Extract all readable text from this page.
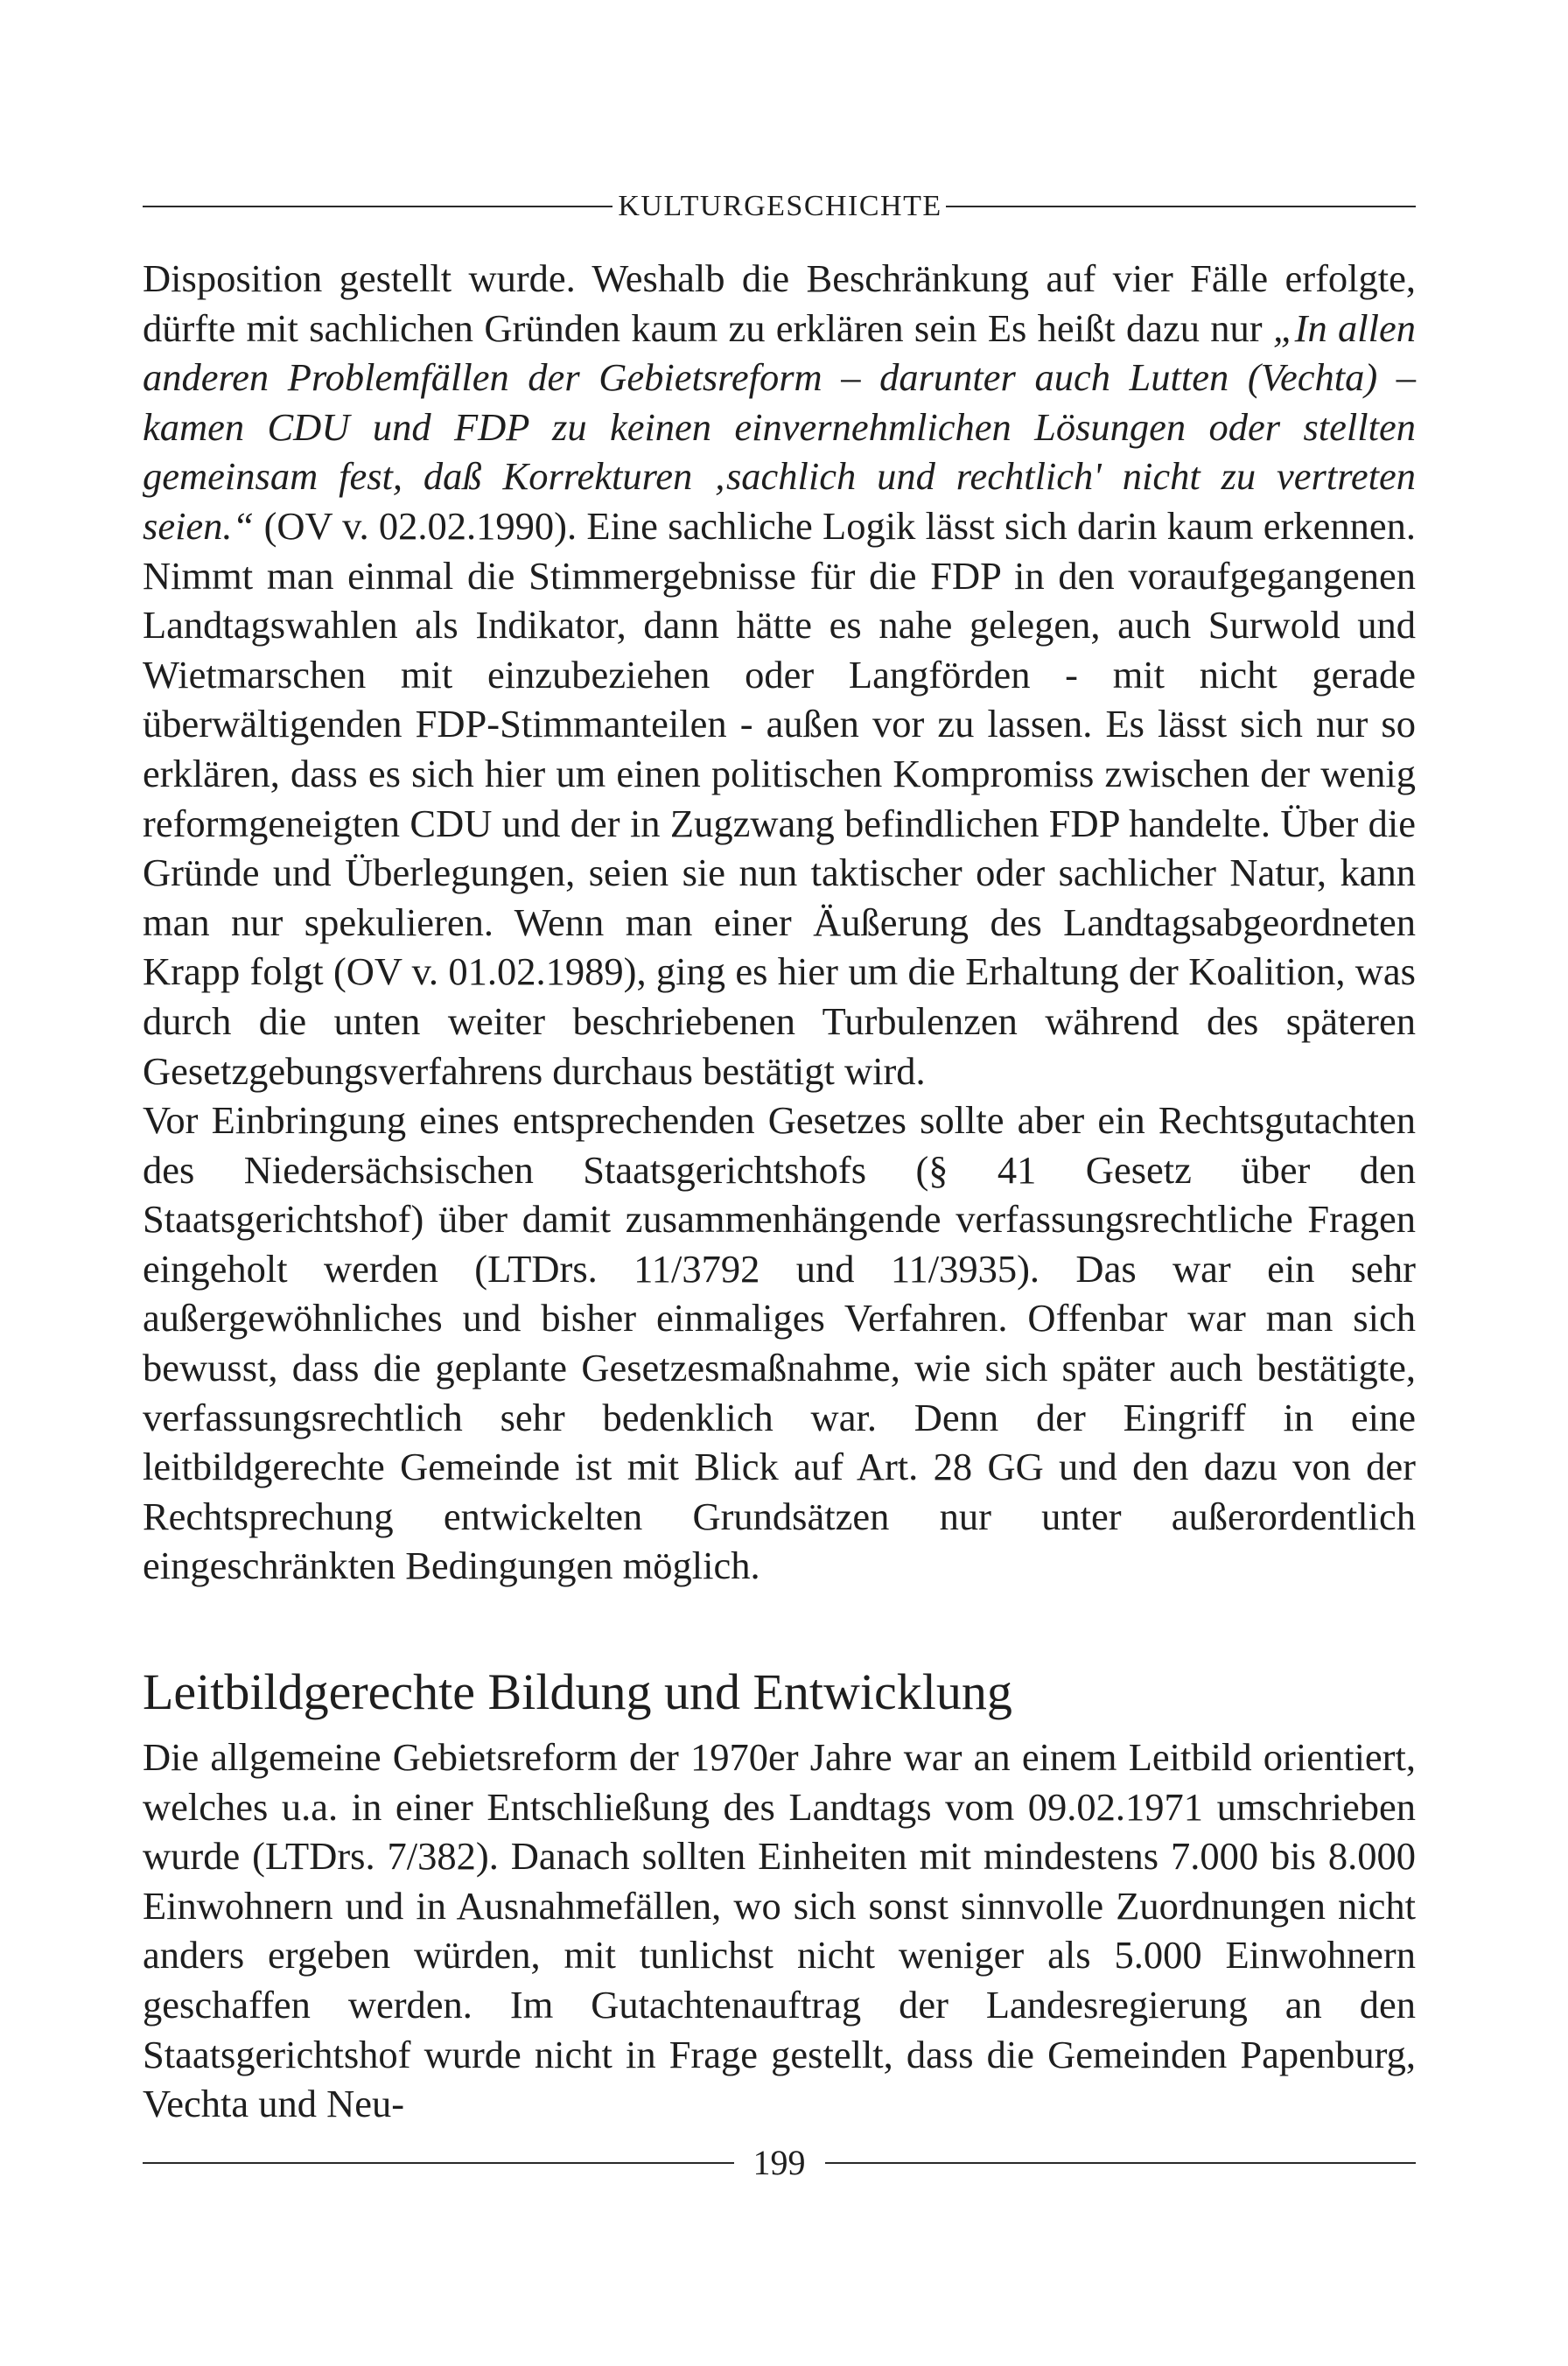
KULTURGESCHICHTE

Disposition gestellt wurde. Weshalb die Beschränkung auf vier Fälle erfolgte, dürfte mit sachlichen Gründen kaum zu erklären sein Es heißt dazu nur „In allen anderen Problemfällen der Gebietsreform – darunter auch Lutten (Vechta) – kamen CDU und FDP zu keinen einvernehmlichen Lösungen oder stellten gemeinsam fest, daß Korrekturen ‚sachlich und rechtlich' nicht zu vertreten seien.“ (OV v. 02.02.1990). Eine sachliche Logik lässt sich darin kaum erkennen. Nimmt man einmal die Stimmergebnisse für die FDP in den voraufgegangenen Landtagswahlen als Indikator, dann hätte es nahe gelegen, auch Surwold und Wietmarschen mit einzubeziehen oder Langförden - mit nicht gerade überwältigenden FDP-Stimmanteilen - außen vor zu lassen. Es lässt sich nur so erklären, dass es sich hier um einen politischen Kompromiss zwischen der wenig reformgeneigten CDU und der in Zugzwang befindlichen FDP handelte. Über die Gründe und Überlegungen, seien sie nun taktischer oder sachlicher Natur, kann man nur spekulieren. Wenn man einer Äußerung des Landtagsabgeordneten Krapp folgt (OV v. 01.02.1989), ging es hier um die Erhaltung der Koalition, was durch die unten weiter beschriebenen Turbulenzen während des späteren Gesetzgebungsverfahrens durchaus bestätigt wird.

Vor Einbringung eines entsprechenden Gesetzes sollte aber ein Rechtsgutachten des Niedersächsischen Staatsgerichtshofs (§ 41 Gesetz über den Staatsgerichtshof) über damit zusammenhängende verfassungsrechtliche Fragen eingeholt werden (LTDrs. 11/3792 und 11/3935). Das war ein sehr außergewöhnliches und bisher einmaliges Verfahren. Offenbar war man sich bewusst, dass die geplante Gesetzesmaßnahme, wie sich später auch bestätigte, verfassungsrechtlich sehr bedenklich war. Denn der Eingriff in eine leitbildgerechte Gemeinde ist mit Blick auf Art. 28 GG und den dazu von der Rechtsprechung entwickelten Grundsätzen nur unter außerordentlich eingeschränkten Bedingungen möglich.

Leitbildgerechte Bildung und Entwicklung

Die allgemeine Gebietsreform der 1970er Jahre war an einem Leitbild orientiert, welches u.a. in einer Entschließung des Landtags vom 09.02.1971 umschrieben wurde (LTDrs. 7/382). Danach sollten Einheiten mit mindestens 7.000 bis 8.000 Einwohnern und in Ausnahmefällen, wo sich sonst sinnvolle Zuordnungen nicht anders ergeben würden, mit tunlichst nicht weniger als 5.000 Einwohnern geschaffen werden. Im Gutachtenauftrag der Landesregierung an den Staatsgerichtshof wurde nicht in Frage gestellt, dass die Gemeinden Papenburg, Vechta und Neu-

199
